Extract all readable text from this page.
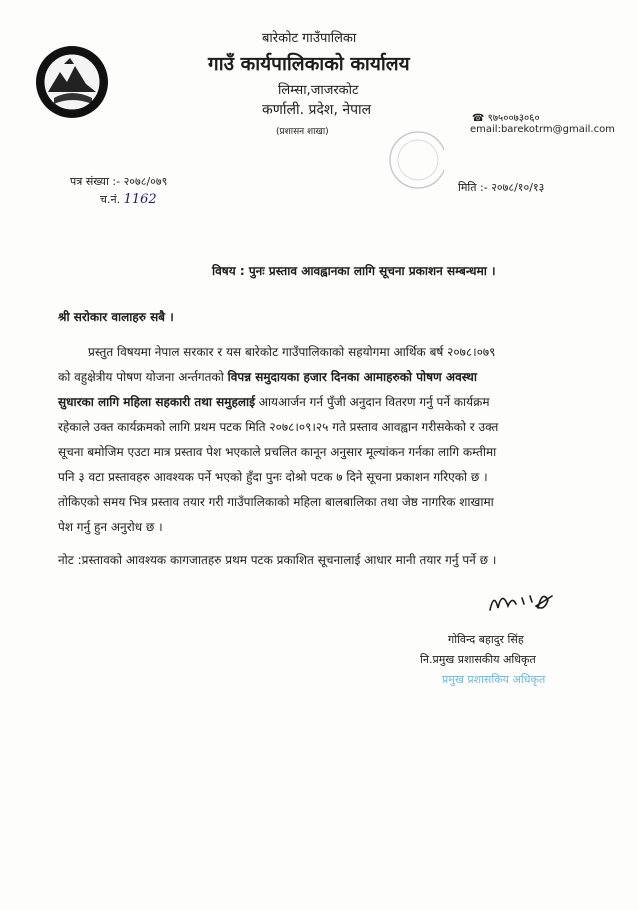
बारेकोट गाउँपालिका
गाउँ कार्यपालिकाको कार्यालय
लिम्सा,जाजरकोट
कर्णाली. प्रदेश, नेपाल
(प्रशासन शाखा)
☎ ९७५००७३०६०
email:barekotrm@gmail.com
पत्र संख्या :- २०७८/०७९
च.नं. 1162
मिति :- २०७८/१०/१३
विषय : पुनः प्रस्ताव आवह्वानका लागि सूचना प्रकाशन सम्बन्धमा ।
श्री सरोकार वालाहरु सबै ।
प्रस्तुत विषयमा नेपाल सरकार र यस बारेकोट गाउँपालिकाको सहयोगमा आर्थिक बर्ष २०७८।०७९
को वहुक्षेत्रीय पोषण योजना अर्न्तगतको विपन्न समुदायका हजार दिनका आमाहरुको पोषण अवस्था
सुधारका लागि महिला सहकारी तथा समुहलाई आयआर्जन गर्न पुँजी अनुदान वितरण गर्नु पर्ने कार्यक्रम
रहेकाले उक्त कार्यक्रमको लागि प्रथम पटक मिति २०७८।०९।२५ गते प्रस्ताव आवह्वान गरीसकेको र उक्त
सूचना बमोजिम एउटा मात्र प्रस्ताव पेश भएकाले प्रचलित कानून अनुसार मूल्यांकन गर्नका लागि कम्तीमा
पनि ३ वटा प्रस्तावहरु आवश्यक पर्ने भएको हुँदा पुनः दोश्रो पटक ७ दिने सूचना प्रकाशन गरिएको छ ।
तोकिएको समय भित्र प्रस्ताव तयार गरी गाउँपालिकाको महिला बालबालिका तथा जेष्ठ नागरिक शाखामा
पेश गर्नु हुन अनुरोध छ ।
नोट :प्रस्तावको आवश्यक कागजातहरु प्रथम पटक प्रकाशित सूचनालाई आधार मानी तयार गर्नु पर्ने छ ।
गोविन्द बहादुर सिंह
नि.प्रमुख प्रशासकीय अधिकृत
प्रमुख प्रशासकिय अधिकृत
